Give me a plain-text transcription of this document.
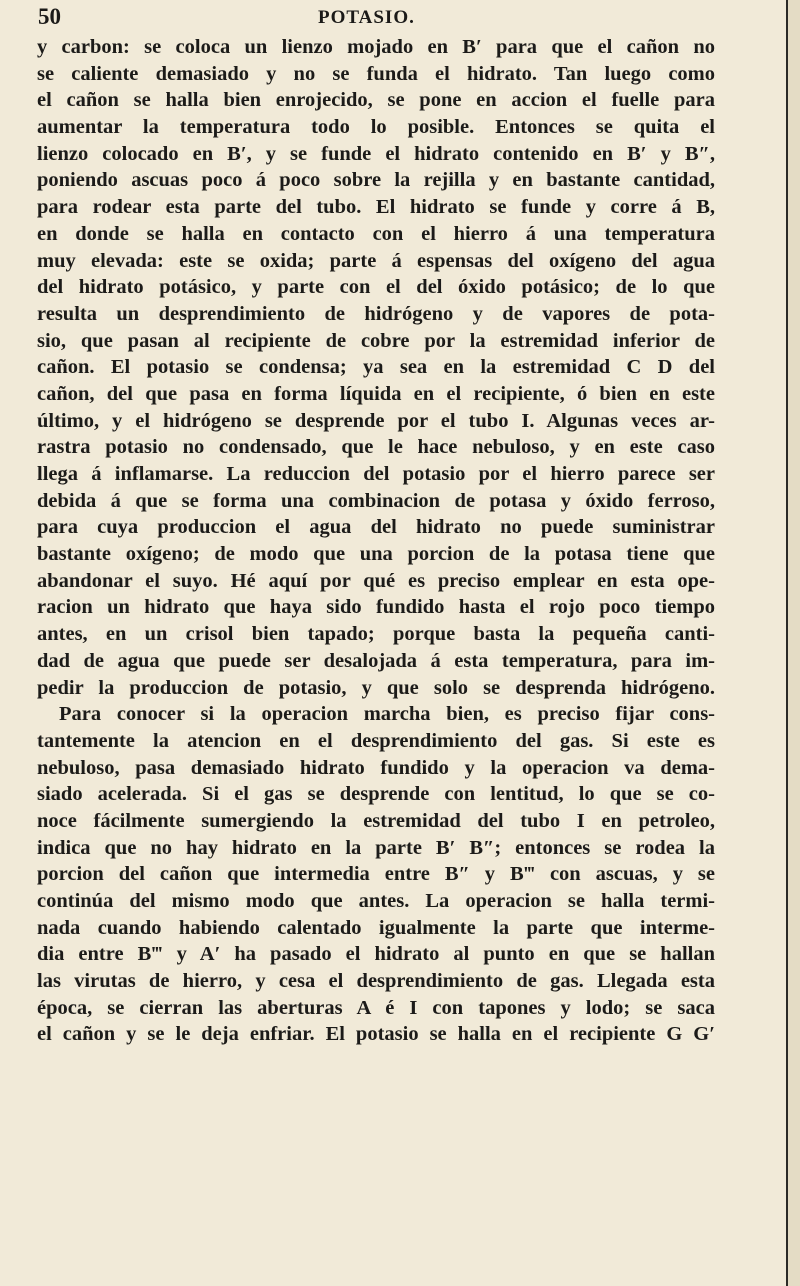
50	POTASIO.
y carbon: se coloca un lienzo mojado en B′ para que el cañon no
se caliente demasiado y no se funda el hidrato. Tan luego como
el cañon se halla bien enrojecido, se pone en accion el fuelle para
aumentar la temperatura todo lo posible. Entonces se quita el
lienzo colocado en B′, y se funde el hidrato contenido en B′ y B″,
poniendo ascuas poco á poco sobre la rejilla y en bastante cantidad,
para rodear esta parte del tubo. El hidrato se funde y corre á B,
en donde se halla en contacto con el hierro á una temperatura
muy elevada: este se oxida; parte á espensas del oxígeno del agua
del hidrato potásico, y parte con el del óxido potásico; de lo que
resulta un desprendimiento de hidrógeno y de vapores de pota-
sio, que pasan al recipiente de cobre por la estremidad inferior de
cañon. El potasio se condensa; ya sea en la estremidad C D del
cañon, del que pasa en forma líquida en el recipiente, ó bien en este
último, y el hidrógeno se desprende por el tubo I. Algunas veces ar-
rastra potasio no condensado, que le hace nebuloso, y en este caso
llega á inflamarse. La reduccion del potasio por el hierro parece ser
debida á que se forma una combinacion de potasa y óxido ferroso,
para cuya produccion el agua del hidrato no puede suministrar
bastante oxígeno; de modo que una porcion de la potasa tiene que
abandonar el suyo. Hé aquí por qué es preciso emplear en esta ope-
racion un hidrato que haya sido fundido hasta el rojo poco tiempo
antes, en un crisol bien tapado; porque basta la pequeña canti-
dad de agua que puede ser desalojada á esta temperatura, para im-
pedir la produccion de potasio, y que solo se desprenda hidrógeno.
Para conocer si la operacion marcha bien, es preciso fijar cons-
tantemente la atencion en el desprendimiento del gas. Si este es
nebuloso, pasa demasiado hidrato fundido y la operacion va dema-
siado acelerada. Si el gas se desprende con lentitud, lo que se co-
noce fácilmente sumergiendo la estremidad del tubo I en petroleo,
indica que no hay hidrato en la parte B′ B″; entonces se rodea la
porcion del cañon que intermedia entre B″ y B‴ con ascuas, y se
continúa del mismo modo que antes. La operacion se halla termi-
nada cuando habiendo calentado igualmente la parte que interme-
dia entre B‴ y A′ ha pasado el hidrato al punto en que se hallan
las virutas de hierro, y cesa el desprendimiento de gas. Llegada esta
época, se cierran las aberturas A é I con tapones y lodo; se saca
el cañon y se le deja enfriar. El potasio se halla en el recipiente G G′
